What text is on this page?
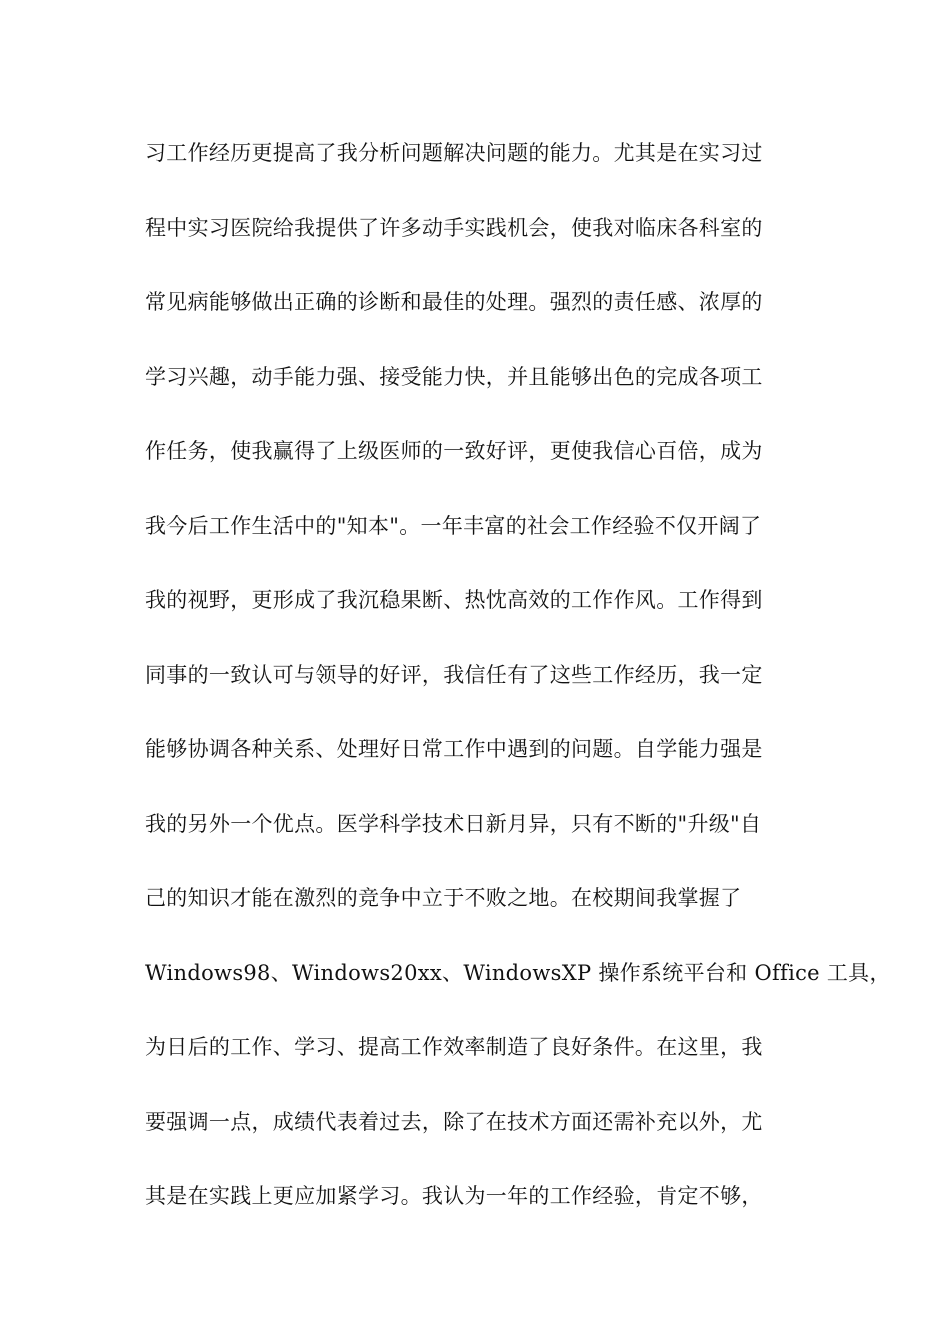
习工作经历更提高了我分析问题解决问题的能力。尤其是在实习过
程中实习医院给我提供了许多动手实践机会，使我对临床各科室的
常见病能够做出正确的诊断和最佳的处理。强烈的责任感、浓厚的
学习兴趣，动手能力强、接受能力快，并且能够出色的完成各项工
作任务，使我赢得了上级医师的一致好评，更使我信心百倍，成为
我今后工作生活中的"知本"。一年丰富的社会工作经验不仅开阔了
我的视野，更形成了我沉稳果断、热忱高效的工作作风。工作得到
同事的一致认可与领导的好评，我信任有了这些工作经历，我一定
能够协调各种关系、处理好日常工作中遇到的问题。自学能力强是
我的另外一个优点。医学科学技术日新月异，只有不断的"升级"自
己的知识才能在激烈的竞争中立于不败之地。在校期间我掌握了
Windows98、Windows20xx、WindowsXP 操作系统平台和 Office 工具，
为日后的工作、学习、提高工作效率制造了良好条件。在这里，我
要强调一点，成绩代表着过去，除了在技术方面还需补充以外，尤
其是在实践上更应加紧学习。我认为一年的工作经验，肯定不够，
